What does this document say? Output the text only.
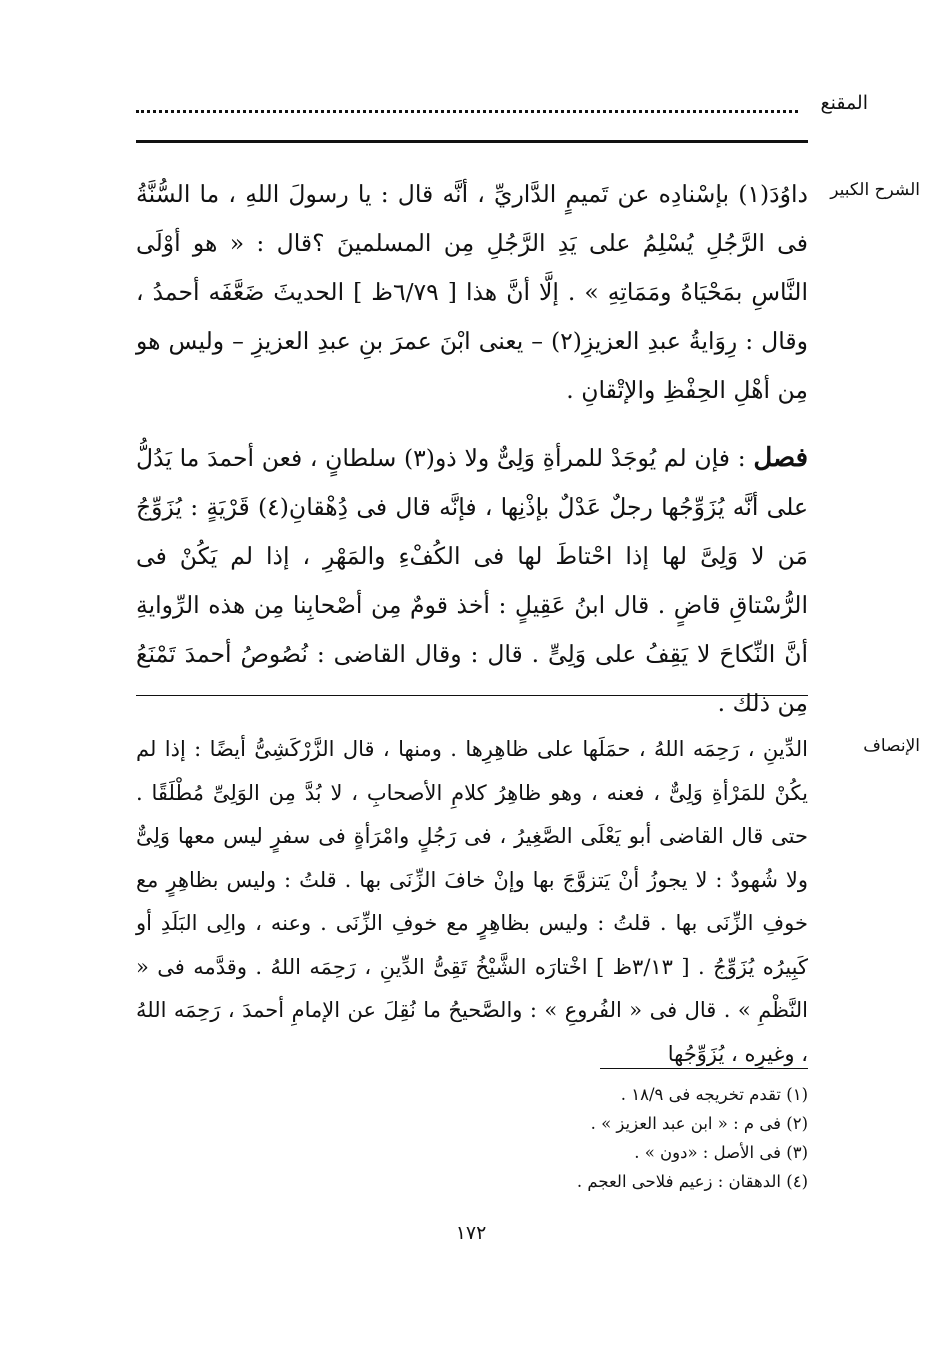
المقنع
الشرح الكبير

داوُدَ(١) بإسْنادِه عن تَميمٍ الدَّاريِّ ، أنَّه قال : يا رسولَ اللهِ ، ما السُّنَّةُ فى الرَّجُلِ يُسْلِمُ على يَدِ الرَّجُلِ مِن المسلمينَ ؟قال : « هو أوْلَى النَّاسِ بمَحْيَاهُ ومَمَاتِهِ » . إلَّا أنَّ هذا [ ٦/٧٩ظ ] الحديثَ ضَعَّفَه أحمدُ ، وقال : رِوَايةُ عبدِ العزيزِ(٢) – يعنى ابْنَ عمرَ بنِ عبدِ العزيزِ – وليس هو مِن أهْلِ الحِفْظِ والإتْقانِ .

فصل : فإن لم يُوجَدْ للمرأةِ وَلِىٌّ ولا ذو(٣) سلطانٍ ، فعن أحمدَ ما يَدُلُّ على أنَّه يُزَوِّجُها رجلٌ عَدْلٌ بإذْنِها ، فإنَّه قال فى دُِهْقانِ(٤) قَرْيَةٍ : يُزَوِّجُ مَن لا وَلِىَّ لها إذا احْتاطَ لها فى الكُفْءِ والمَهْرِ ، إذا لم يَكُنْ فى الرُّسْتاقِ قاضٍ . قال ابنُ عَقِيلٍ : أخذ قومٌ مِن أصْحابِنا مِن هذه الرِّوايةِ أنَّ النِّكاحَ لا يَقِفُ على وَلِىٍّ . قال : وقال القاضى : نُصُوصُ أحمدَ تَمْنَعُ مِن ذلك .

الإنصاف

الدِّينِ ، رَحِمَه اللهُ ، حمَلَها على ظاهِرِها . ومنها ، قال الزَّرْكَشِىُّ أيضًا : إذا لم يكُنْ للمَرْأةِ وَلِىٌّ ، فعنه ، وهو ظاهِرُ كلامِ الأصحابِ ، لا بُدَّ مِن الوَلِىِّ مُطْلَقًا . حتى قال القاضى أبو يَعْلَى الصَّغِيرُ ، فى رَجُلٍ وامْرَأةٍ فى سفرٍ ليس معها وَلِىٌّ ولا شُهودٌ : لا يجوزُ أنْ يَتزوَّجَ بها وإنْ خافَ الزِّنَى بها . قلتُ : وليس بظاهِرٍ مع خوفِ الزِّنَى بها . قلتُ : وليس بظاهِرٍ مع خوفِ الزِّنَى . وعنه ، والِى البَلَدِ أو كَبِيرُه يُزَوِّجُ . [ ٣/١٣ظ ] اخْتارَه الشَّيْخُ تَقِىُّ الدِّينِ ، رَحِمَه اللهُ . وقدَّمه فى « النَّظْمِ » . قال فى « الفُروعِ » : والصَّحيحُ ما نُقِلَ عن الإمامِ أحمدَ ، رَحِمَه اللهُ ، وغيرِه ، يُزَوِّجُها

(١) تقدم تخريجه فى ١٨/٩ .

(٢) فى م : « ابن عبد العزيز » .

(٣) فى الأصل : «دون » .

(٤) الدهقان : زعيم فلاحى العجم .

١٧٢
